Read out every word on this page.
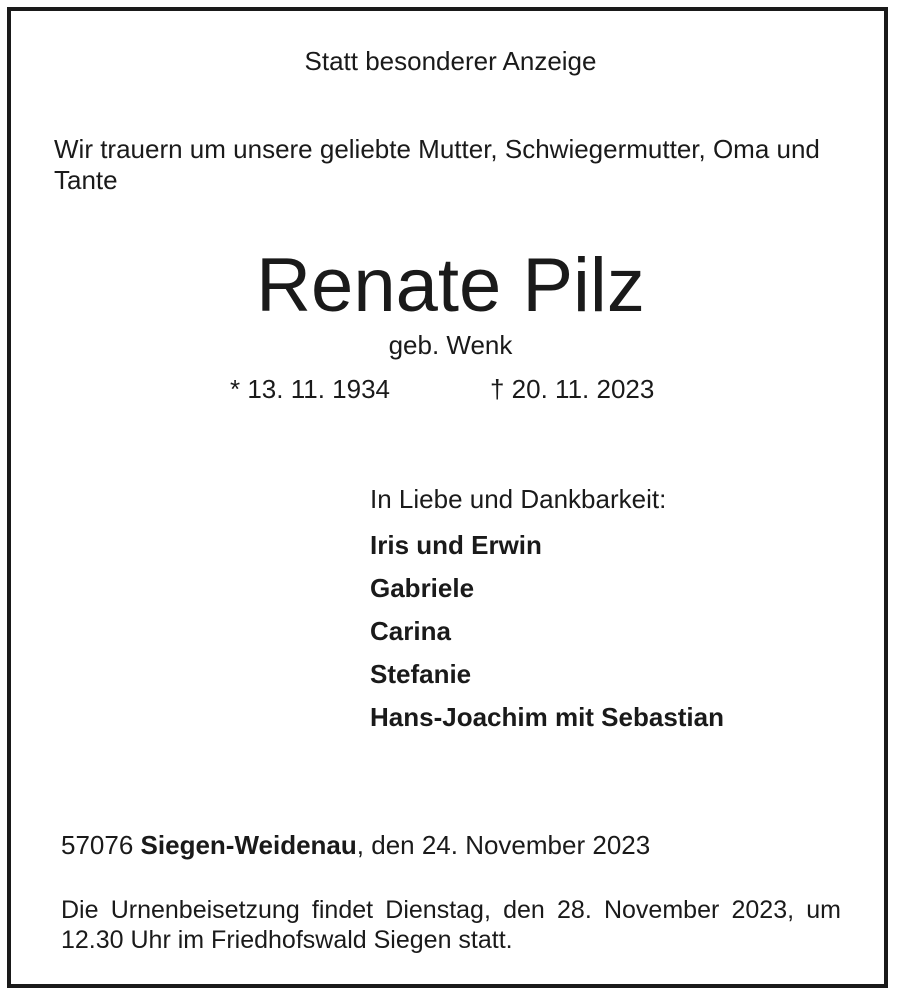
Statt besonderer Anzeige
Wir trauern um unsere geliebte Mutter, Schwiegermutter, Oma und Tante
Renate Pilz
geb. Wenk
* 13. 11. 1934	† 20. 11. 2023
In Liebe und Dankbarkeit:
Iris und Erwin
Gabriele
Carina
Stefanie
Hans-Joachim mit Sebastian
57076 Siegen-Weidenau, den 24. November 2023
Die Urnenbeisetzung findet Dienstag, den 28. November 2023, um 12.30 Uhr im Friedhofswald Siegen statt.
